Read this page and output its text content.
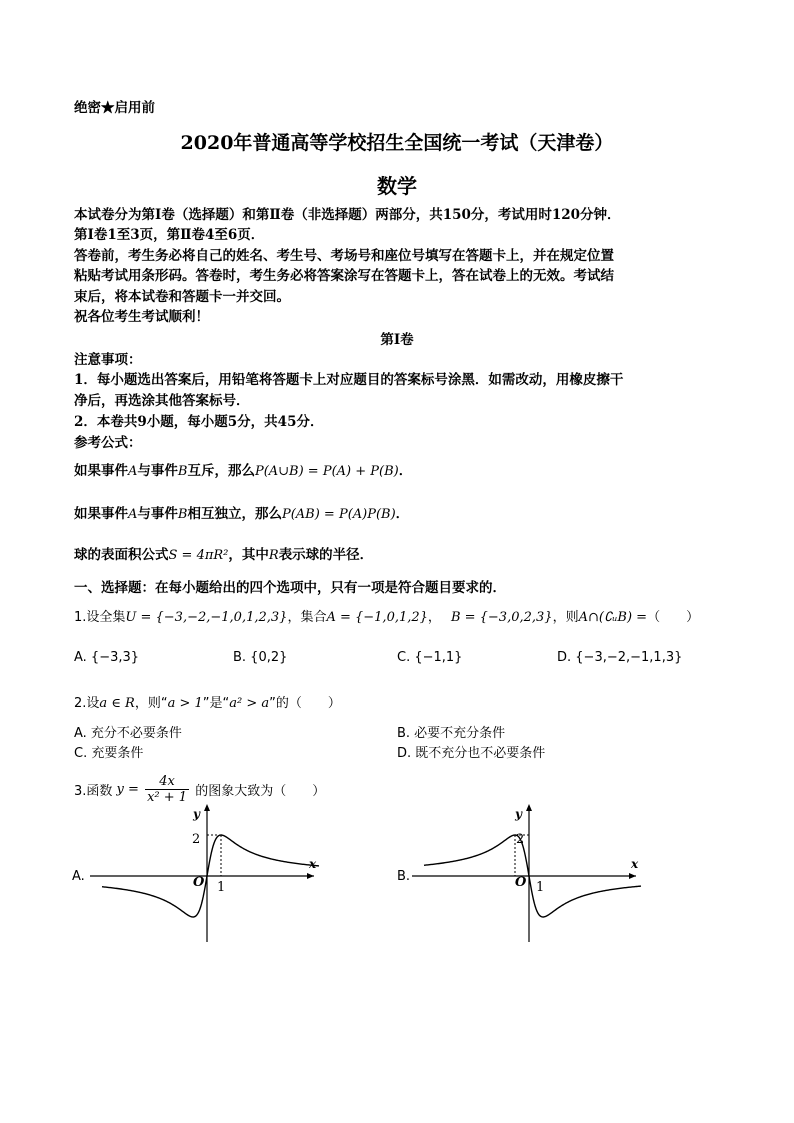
绝密★启用前
2020年普通高等学校招生全国统一考试（天津卷）
数学
本试卷分为第Ⅰ卷（选择题）和第Ⅱ卷（非选择题）两部分，共150分，考试用时120分钟．
第Ⅰ卷1至3页，第Ⅱ卷4至6页．
答卷前，考生务必将自己的姓名、考生号、考场号和座位号填写在答题卡上，并在规定位置
粘贴考试用条形码。答卷时，考生务必将答案涂写在答题卡上，答在试卷上的无效。考试结
束后，将本试卷和答题卡一并交回。
祝各位考生考试顺利！
第Ⅰ卷
注意事项：
1．每小题选出答案后，用铅笔将答题卡上对应题目的答案标号涂黑．如需改动，用橡皮擦干
净后，再选涂其他答案标号．
2．本卷共9小题，每小题5分，共45分．
参考公式：
如果事件A与事件B互斥，那么P(A∪B) = P(A) + P(B)．
如果事件A与事件B相互独立，那么P(AB) = P(A)P(B)．
球的表面积公式S = 4πR²，其中R表示球的半径．
一、选择题：在每小题给出的四个选项中，只有一项是符合题目要求的．
1.设全集U = {−3,−2,−1,0,1,2,3}，集合A = {−1,0,1,2}， B = {−3,0,2,3}，则A∩(∁ᵤB) =（　　）
A. {−3,3}	B. {0,2}	C. {−1,1}	D. {−3,−2,−1,1,3}
2.设a ∈ R，则“a > 1”是“a² > a”的（　　）
A. 充分不必要条件	B. 必要不充分条件
C. 充要条件	D. 既不充分也不必要条件
3.函数 $y = \frac{4x}{\text{x² + 1}}$ 的图象大致为（　　）
A.
x
y
O 1
2
B.
x
y
O 1
2
